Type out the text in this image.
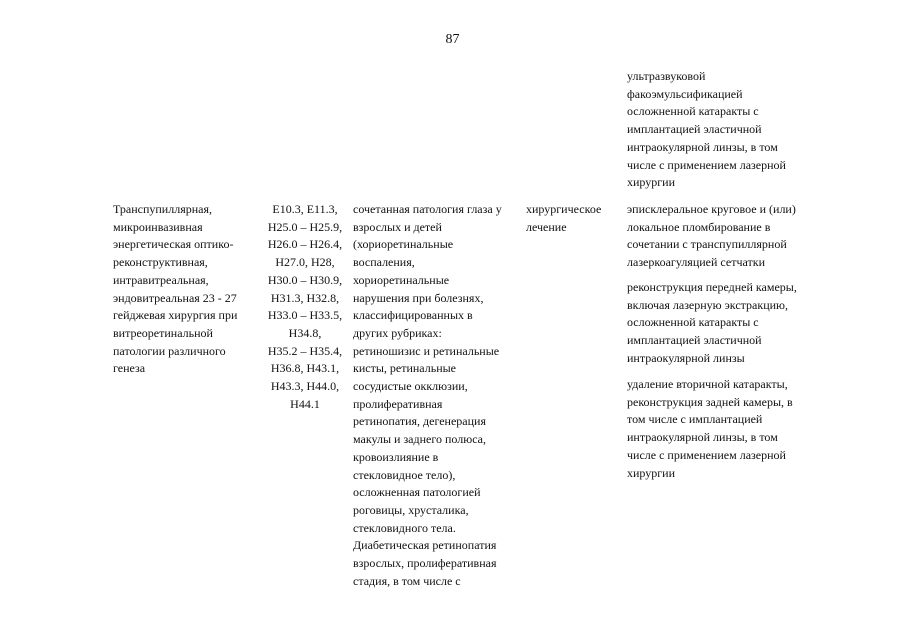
87
ультразвуковой
факоэмульсификацией
осложненной катаракты с
имплантацией эластичной
интраокулярной линзы, в том
числе с применением лазерной
хирургии
Транспупиллярная,
микроинвазивная
энергетическая оптико-
реконструктивная,
интравитреальная,
эндовитреальная 23 - 27
гейджевая хирургия при
витреоретинальной
патологии различного
генеза
E10.3, E11.3,
H25.0 – H25.9,
H26.0 – H26.4,
H27.0, H28,
H30.0 – H30.9,
H31.3, H32.8,
H33.0 – H33.5,
H34.8,
H35.2 – H35.4,
H36.8, H43.1,
H43.3, H44.0,
H44.1
сочетанная патология глаза у
взрослых и детей
(хориоретинальные
воспаления,
хориоретинальные
нарушения при болезнях,
классифицированных в
других рубриках:
ретиношизис и ретинальные
кисты, ретинальные
сосудистые окклюзии,
пролиферативная
ретинопатия, дегенерация
макулы и заднего полюса,
кровоизлияние в
стекловидное тело),
осложненная патологией
роговицы, хрусталика,
стекловидного тела.
Диабетическая ретинопатия
взрослых, пролиферативная
стадия, в том числе с
хирургическое
лечение
эписклеральное круговое и (или)
локальное пломбирование в
сочетании с транспупиллярной
лазеркоагуляцией сетчатки
реконструкция передней камеры,
включая лазерную экстракцию,
осложненной катаракты с
имплантацией эластичной
интраокулярной линзы
удаление вторичной катаракты,
реконструкция задней камеры, в
том числе с имплантацией
интраокулярной линзы, в том
числе с применением лазерной
хирургии
